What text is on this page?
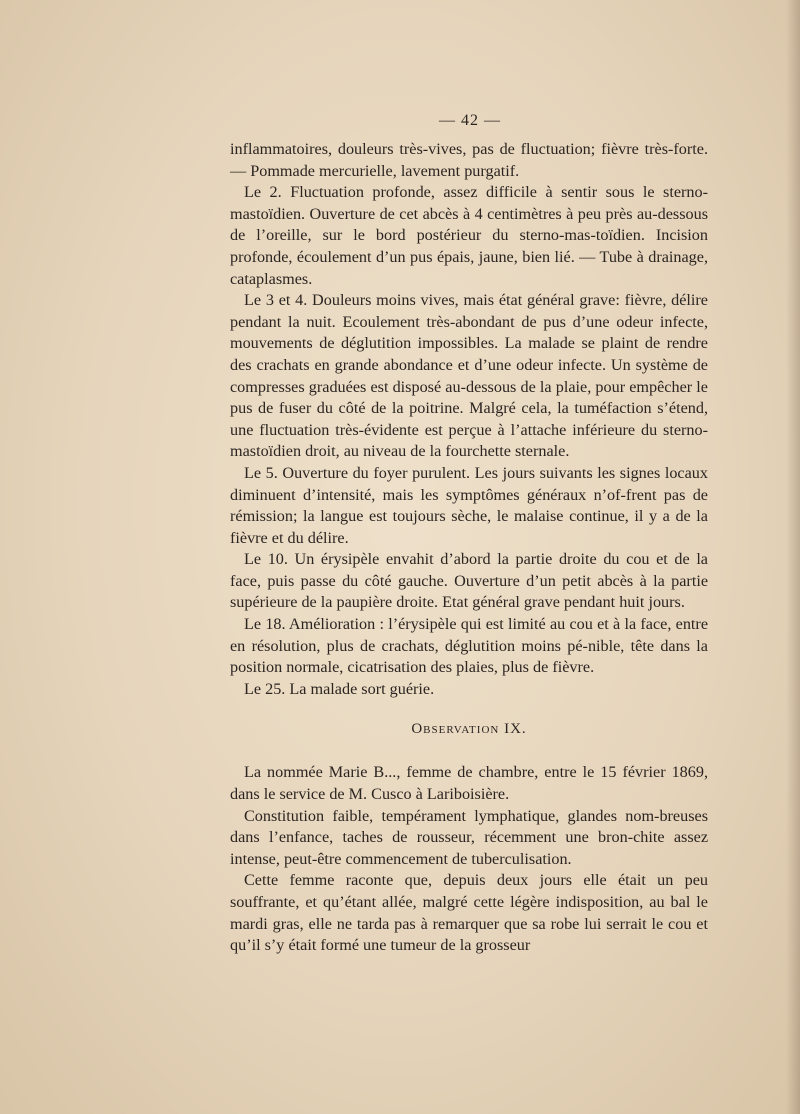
— 42 —

inflammatoires, douleurs très-vives, pas de fluctuation; fièvre très-forte. — Pommade mercurielle, lavement purgatif.

Le 2. Fluctuation profonde, assez difficile à sentir sous le sterno-mastoïdien. Ouverture de cet abcès à 4 centimètres à peu près au-dessous de l’oreille, sur le bord postérieur du sterno-mas-toïdien. Incision profonde, écoulement d’un pus épais, jaune, bien lié. — Tube à drainage, cataplasmes.

Le 3 et 4. Douleurs moins vives, mais état général grave: fièvre, délire pendant la nuit. Ecoulement très-abondant de pus d’une odeur infecte, mouvements de déglutition impossibles. La malade se plaint de rendre des crachats en grande abondance et d’une odeur infecte. Un système de compresses graduées est disposé au-dessous de la plaie, pour empêcher le pus de fuser du côté de la poitrine. Malgré cela, la tuméfaction s’étend, une fluctuation très-évidente est perçue à l’attache inférieure du sterno-mastoïdien droit, au niveau de la fourchette sternale.

Le 5. Ouverture du foyer purulent. Les jours suivants les signes locaux diminuent d’intensité, mais les symptômes généraux n’of-frent pas de rémission; la langue est toujours sèche, le malaise continue, il y a de la fièvre et du délire.

Le 10. Un érysipèle envahit d’abord la partie droite du cou et de la face, puis passe du côté gauche. Ouverture d’un petit abcès à la partie supérieure de la paupière droite. Etat général grave pendant huit jours.

Le 18. Amélioration : l’érysipèle qui est limité au cou et à la face, entre en résolution, plus de crachats, déglutition moins pé-nible, tête dans la position normale, cicatrisation des plaies, plus de fièvre.

Le 25. La malade sort guérie.

Observation IX.

La nommée Marie B..., femme de chambre, entre le 15 février 1869, dans le service de M. Cusco à Lariboisière.

Constitution faible, tempérament lymphatique, glandes nom-breuses dans l’enfance, taches de rousseur, récemment une bron-chite assez intense, peut-être commencement de tuberculisation.

Cette femme raconte que, depuis deux jours elle était un peu souffrante, et qu’étant allée, malgré cette légère indisposition, au bal le mardi gras, elle ne tarda pas à remarquer que sa robe lui serrait le cou et qu’il s’y était formé une tumeur de la grosseur
